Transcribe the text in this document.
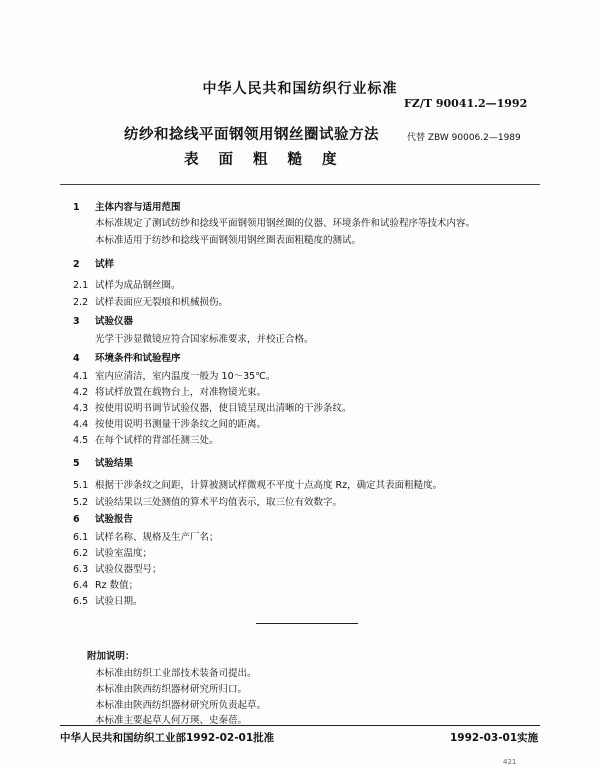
中华人民共和国纺织行业标准
FZ/T 90041.2—1992
纺纱和捻线平面钢领用钢丝圈试验方法
表面粗糙度
代替 ZBW 90006.2—1989
1 主体内容与适用范围
本标准规定了测试纺纱和捻线平面钢领用钢丝圈的仪器、环境条件和试验程序等技术内容。
本标准适用于纺纱和捻线平面钢领用钢丝圈表面粗糙度的测试。
2 试样
2.1 试样为成品钢丝圈。
2.2 试样表面应无裂痕和机械损伤。
3 试验仪器
光学干涉显微镜应符合国家标准要求，并校正合格。
4 环境条件和试验程序
4.1 室内应清洁，室内温度一般为 10～35℃。
4.2 将试样放置在载物台上，对准物镜光束。
4.3 按使用说明书调节试验仪器，使目镜呈现出清晰的干涉条纹。
4.4 按使用说明书测量干涉条纹之间的距离。
4.5 在每个试样的背部任测三处。
5 试验结果
5.1 根据干涉条纹之间距，计算被测试样微观不平度十点高度 Rz，确定其表面粗糙度。
5.2 试验结果以三处测值的算术平均值表示，取三位有效数字。
6 试验报告
6.1 试样名称、规格及生产厂名；
6.2 试验室温度；
6.3 试验仪器型号；
6.4 Rz 数值；
6.5 试验日期。
附加说明：
本标准由纺织工业部技术装备司提出。
本标准由陕西纺织器材研究所归口。
本标准由陕西纺织器材研究所负责起草。
本标准主要起草人何万瑛、史秦蓓。
中华人民共和国纺织工业部1992-02-01批准	1992-03-01实施
421
